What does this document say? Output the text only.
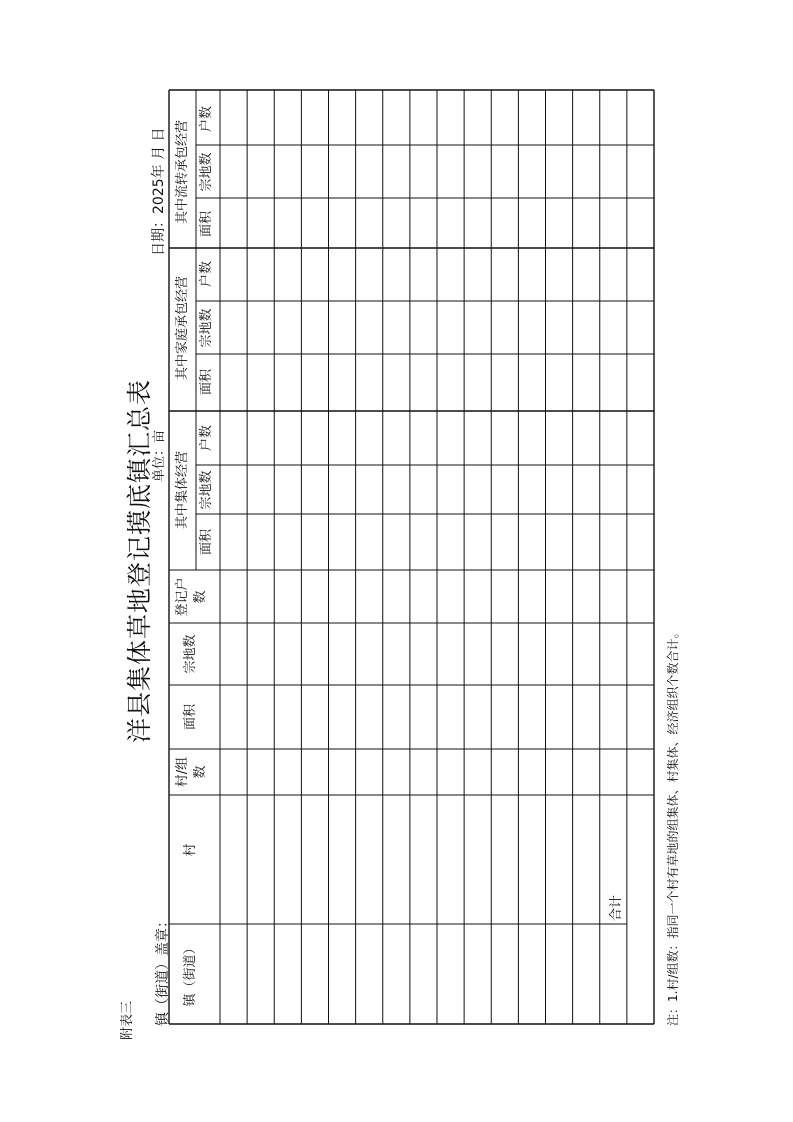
附表三
洋县集体草地登记摸底镇汇总表
镇（街道）盖章：
单位：亩
日期：2025年 月 日
镇（街道）
村
村/组 数
面积
宗地数
登记户 数
其中集体经营
面积
宗地数
户数
其中家庭承包经营
面积
宗地数
户数
其中流转承包经营 面积
宗地数
户数
合计	注：1.村/组数：指同一个村有草地的组集体、村集体、经济组织个数合计。
